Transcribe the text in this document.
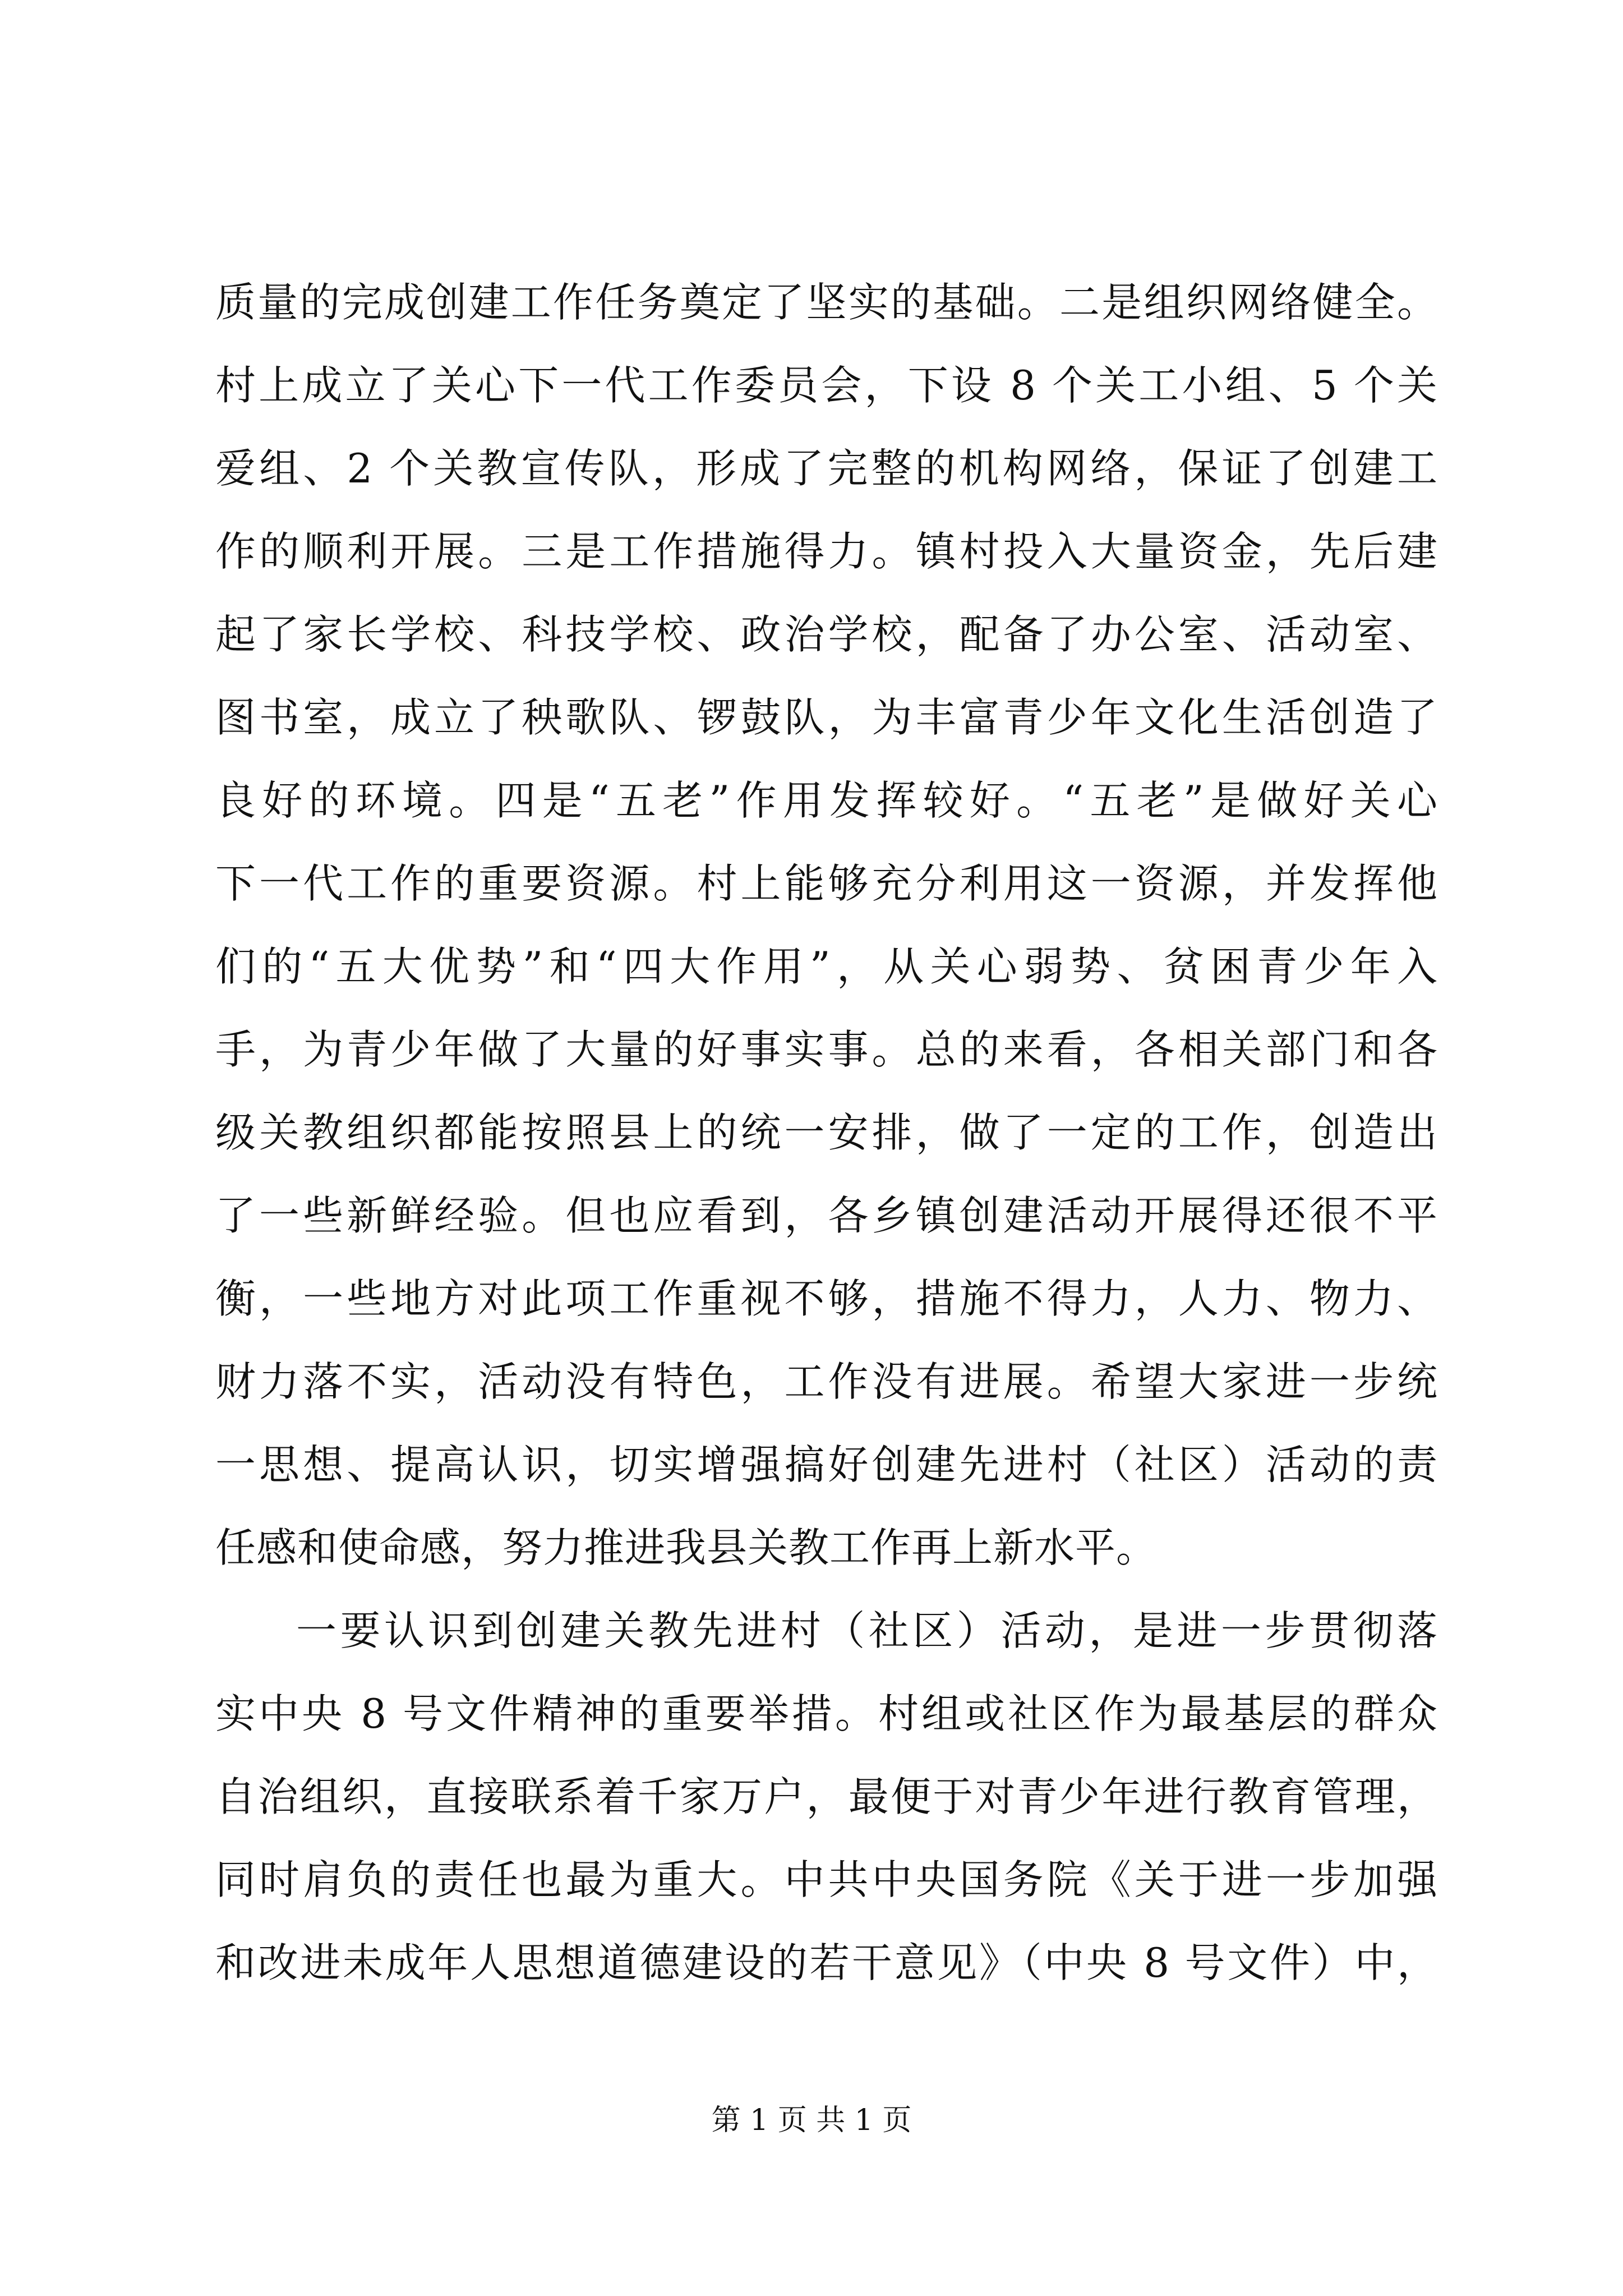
质量的完成创建工作任务奠定了坚实的基础。二是组织网络健全。
村上成立了关心下一代工作委员会，下设 8 个关工小组、5 个关
爱组、2 个关教宣传队，形成了完整的机构网络，保证了创建工
作的顺利开展。三是工作措施得力。镇村投入大量资金，先后建
起了家长学校、科技学校、政治学校，配备了办公室、活动室、
图书室，成立了秧歌队、锣鼓队，为丰富青少年文化生活创造了
良好的环境。四是“五老”作用发挥较好。“五老”是做好关心
下一代工作的重要资源。村上能够充分利用这一资源，并发挥他
们的“五大优势”和“四大作用”，从关心弱势、贫困青少年入
手，为青少年做了大量的好事实事。总的来看，各相关部门和各
级关教组织都能按照县上的统一安排，做了一定的工作，创造出
了一些新鲜经验。但也应看到，各乡镇创建活动开展得还很不平
衡，一些地方对此项工作重视不够，措施不得力，人力、物力、
财力落不实，活动没有特色，工作没有进展。希望大家进一步统
一思想、提高认识，切实增强搞好创建先进村（社区）活动的责
任感和使命感，努力推进我县关教工作再上新水平。
一要认识到创建关教先进村（社区）活动，是进一步贯彻落
实中央 8 号文件精神的重要举措。村组或社区作为最基层的群众
自治组织，直接联系着千家万户，最便于对青少年进行教育管理，
同时肩负的责任也最为重大。中共中央国务院《关于进一步加强
和改进未成年人思想道德建设的若干意见》（中央 8 号文件）中，
第 1 页 共 1 页
